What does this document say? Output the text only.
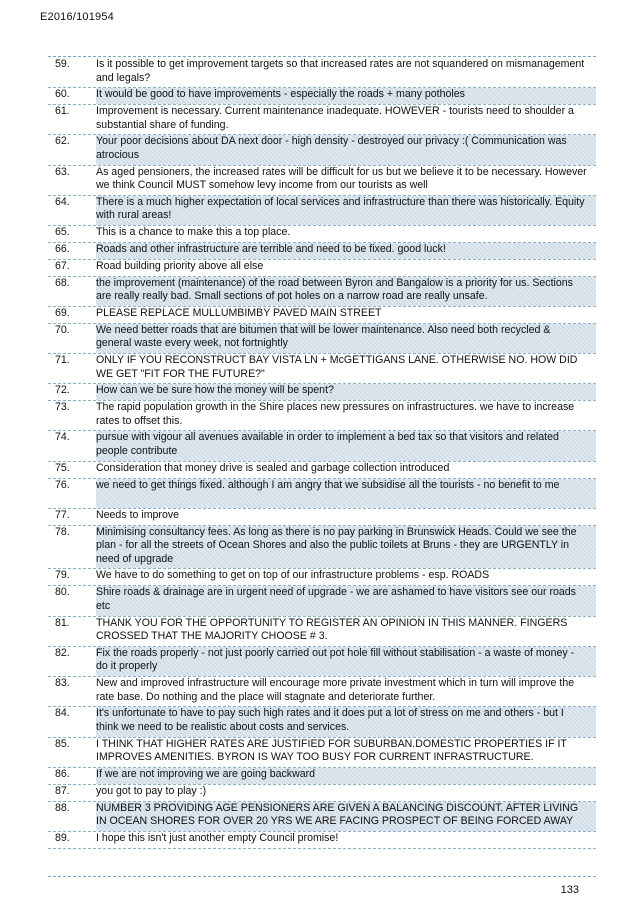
E2016/101954
59.	Is it possible to get improvement targets so that increased rates are not squandered on mismanagement and legals?
60.	It would be good to have improvements - especially the roads + many potholes
61.	Improvement is necessary. Current maintenance inadequate. HOWEVER - tourists need to shoulder a substantial share of funding.
62.	Your poor decisions about DA next door - high density - destroyed our privacy :( Communication was atrocious
63.	As aged pensioners, the increased rates will be difficult for us but we believe it to be necessary. However we think Council MUST somehow levy income from our tourists as well
64.	There is a much higher expectation of local services and infrastructure than there was historically. Equity with rural areas!
65.	This is a chance to make this a top place.
66.	Roads and other infrastructure are terrible and need to be fixed. good luck!
67.	Road building priority above all else
68.	the improvement (maintenance) of the road between Byron and Bangalow is a priority for us. Sections are really really bad. Small sections of pot holes on a narrow road are really unsafe.
69.	PLEASE REPLACE MULLUMBIMBY PAVED MAIN STREET
70.	We need better roads that are bitumen that will be lower maintenance. Also need both recycled & general waste every week, not fortnightly
71.	ONLY IF YOU RECONSTRUCT BAY VISTA LN + McGETTIGANS LANE. OTHERWISE NO. HOW DID WE GET "FIT FOR THE FUTURE?"
72.	How can we be sure how the money will be spent?
73.	The rapid population growth in the Shire places new pressures on infrastructures. we have to increase rates to offset this.
74.	pursue with vigour all avenues available in order to implement a bed tax so that visitors and related people contribute
75.	Consideration that money drive is sealed and garbage collection introduced
76.	we need to get things fixed. although I am angry that we subsidise all the tourists - no benefit to me
77.	Needs to improve
78.	Minimising consultancy fees. As long as there is no pay parking in Brunswick Heads. Could we see the plan - for all the streets of Ocean Shores and also the public toilets at Bruns - they are URGENTLY in need of upgrade
79.	We have to do something to get on top of our infrastructure problems - esp. ROADS
80.	Shire roads & drainage are in urgent need of upgrade - we are ashamed to have visitors see our roads etc
81.	THANK YOU FOR THE OPPORTUNITY TO REGISTER AN OPINION IN THIS MANNER. FINGERS CROSSED THAT THE MAJORITY CHOOSE # 3.
82.	Fix the roads properly - not just poorly carried out pot hole fill without stabilisation - a waste of money - do it properly
83.	New and improved infrastructure will encourage more private investment which in turn will improve the rate base. Do nothing and the place will stagnate and deteriorate further.
84.	It's unfortunate to have to pay such high rates and it does put a lot of stress on me and others - but I think we need to be realistic about costs and services.
85.	I THINK THAT HIGHER RATES ARE JUSTIFIED FOR SUBURBAN.DOMESTIC PROPERTIES IF IT IMPROVES AMENITIES. BYRON IS WAY TOO BUSY FOR CURRENT INFRASTRUCTURE.
86.	If we are not improving we are going backward
87.	you got to pay to play :)
88.	NUMBER 3 PROVIDING AGE PENSIONERS ARE GIVEN A BALANCING DISCOUNT. AFTER LIVING IN OCEAN SHORES FOR OVER 20 YRS WE ARE FACING PROSPECT OF BEING FORCED AWAY
89.	I hope this isn't just another empty Council promise!
133
